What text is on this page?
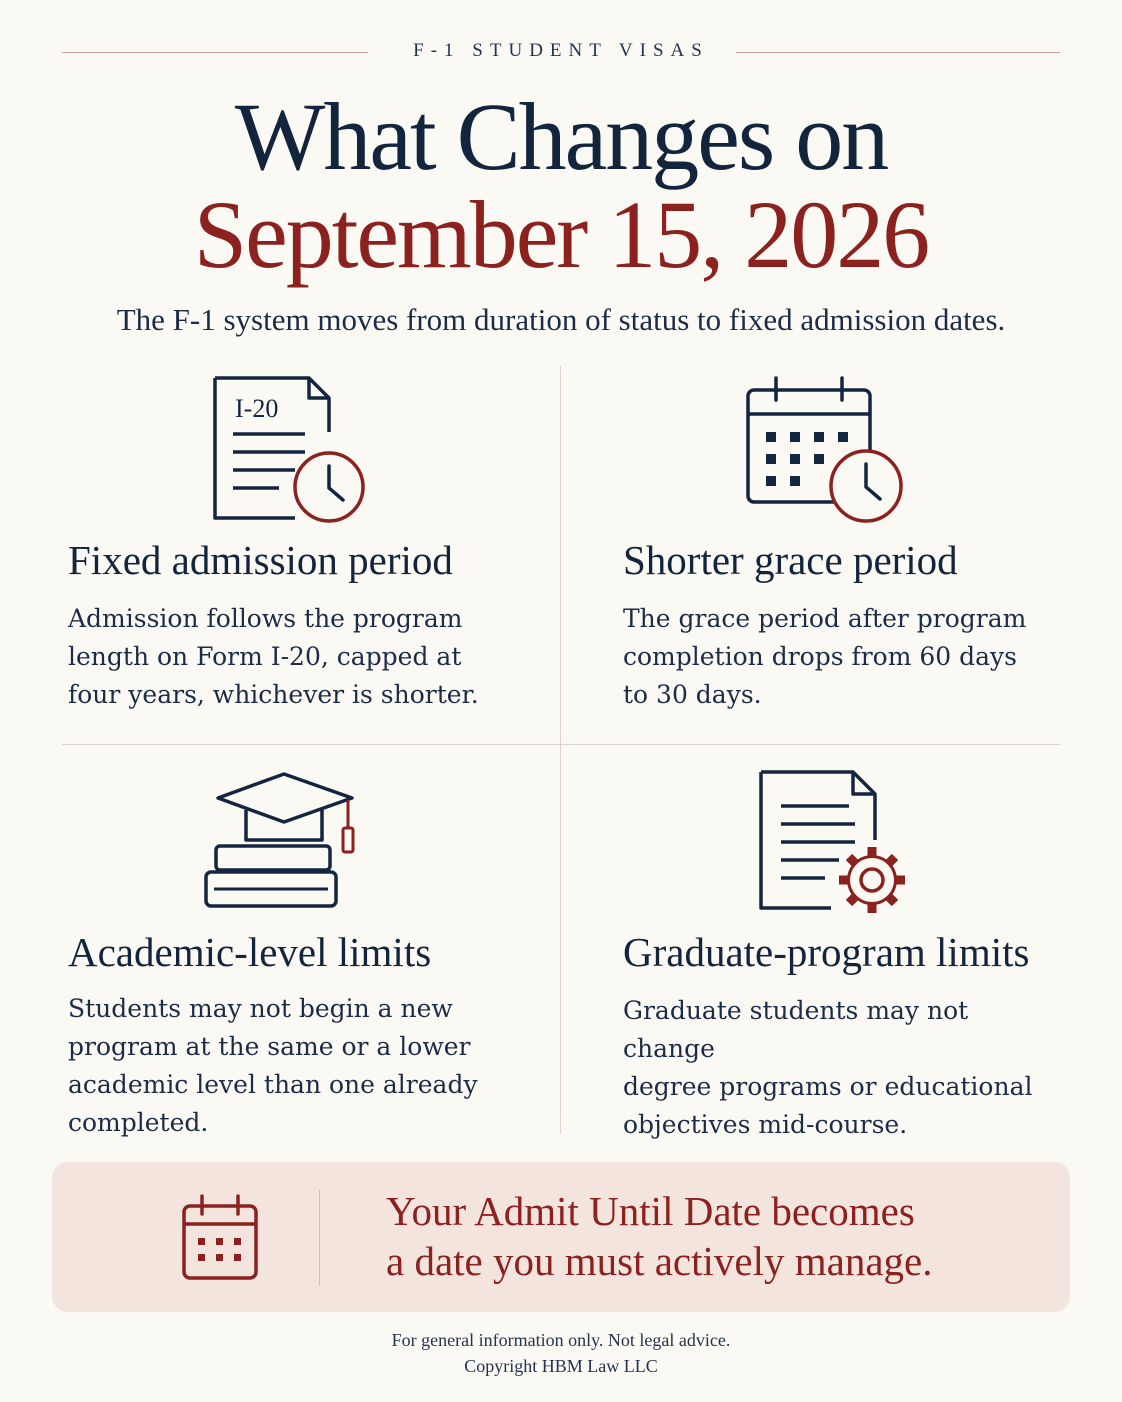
F-1 STUDENT VISAS
What Changes on
September 15, 2026
The F-1 system moves from duration of status to fixed admission dates.
I-20
Fixed admission period

Admission follows the program
length on Form I-20, capped at
four years, whichever is shorter.

Shorter grace period

The grace period after program
completion drops from 60 days
to 30 days.

Academic-level limits

Students may not begin a new
program at the same or a lower
academic level than one already
completed.

Graduate-program limits

Graduate students may not change
degree programs or educational
objectives mid-course.

Your Admit Until Date becomes
a date you must actively manage.
For general information only. Not legal advice.
Copyright HBM Law LLC
